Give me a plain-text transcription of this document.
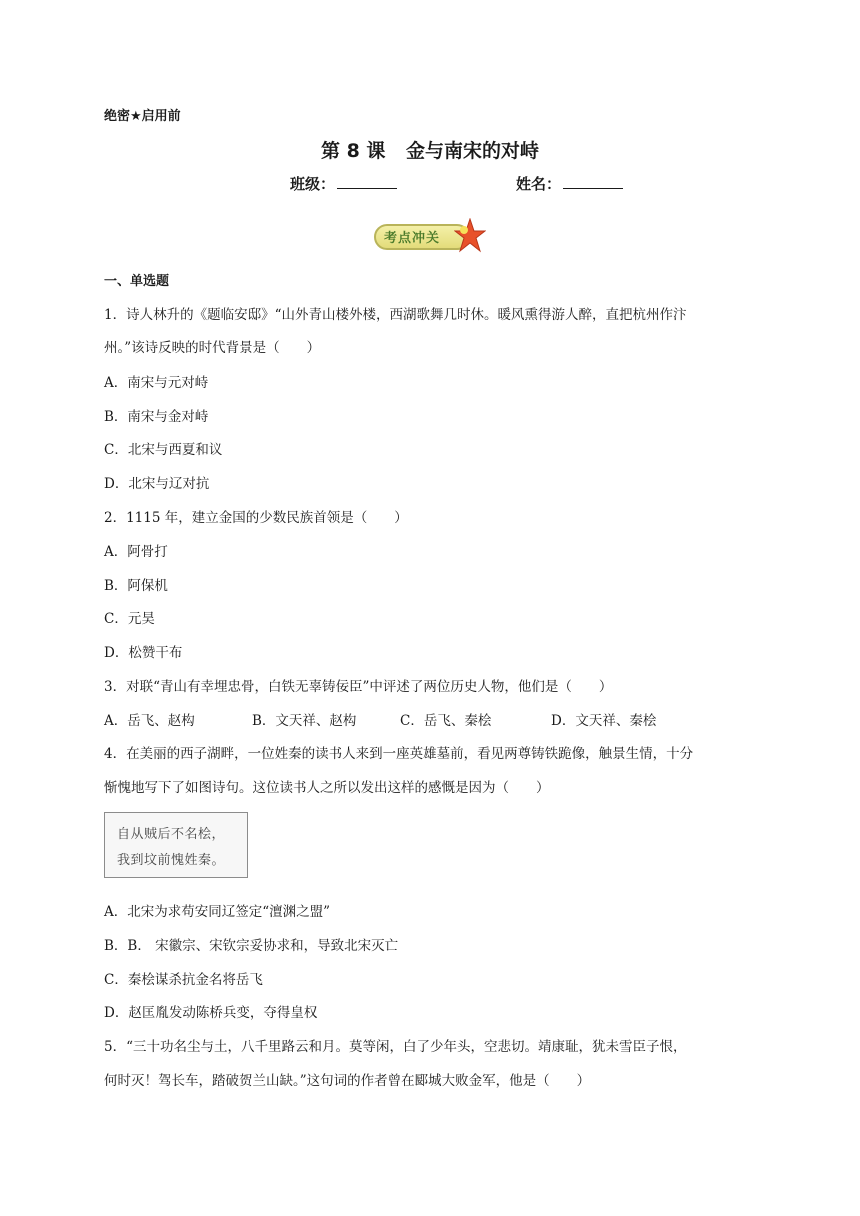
绝密★启用前
第 8 课 金与南宋的对峙
班级：	姓名：
考点冲关
一、单选题
1．诗人林升的《题临安邸》“山外青山楼外楼，西湖歌舞几时休。暖风熏得游人醉，直把杭州作汴
州。”该诗反映的时代背景是（　　）
A．南宋与元对峙
B．南宋与金对峙
C．北宋与西夏和议
D．北宋与辽对抗
2．1115 年，建立金国的少数民族首领是（　　）
A．阿骨打
B．阿保机
C．元昊
D．松赞干布
3．对联“青山有幸埋忠骨，白铁无辜铸佞臣”中评述了两位历史人物，他们是（　　）
A．岳飞、赵构	B．文天祥、赵构	C．岳飞、秦桧	D．文天祥、秦桧
4．在美丽的西子湖畔，一位姓秦的读书人来到一座英雄墓前，看见两尊铸铁跪像，触景生情，十分
惭愧地写下了如图诗句。这位读书人之所以发出这样的感慨是因为（　　）
自从贼后不名桧，
我到坟前愧姓秦。
A．北宋为求苟安同辽签定“澶渊之盟”
B．B． 宋徽宗、宋钦宗妥协求和，导致北宋灭亡
C．秦桧谋杀抗金名将岳飞
D．赵匡胤发动陈桥兵变，夺得皇权
5．“三十功名尘与土，八千里路云和月。莫等闲，白了少年头，空悲切。靖康耻，犹未雪臣子恨，
何时灭！驾长车，踏破贺兰山缺。”这句词的作者曾在郾城大败金军，他是（　　）
